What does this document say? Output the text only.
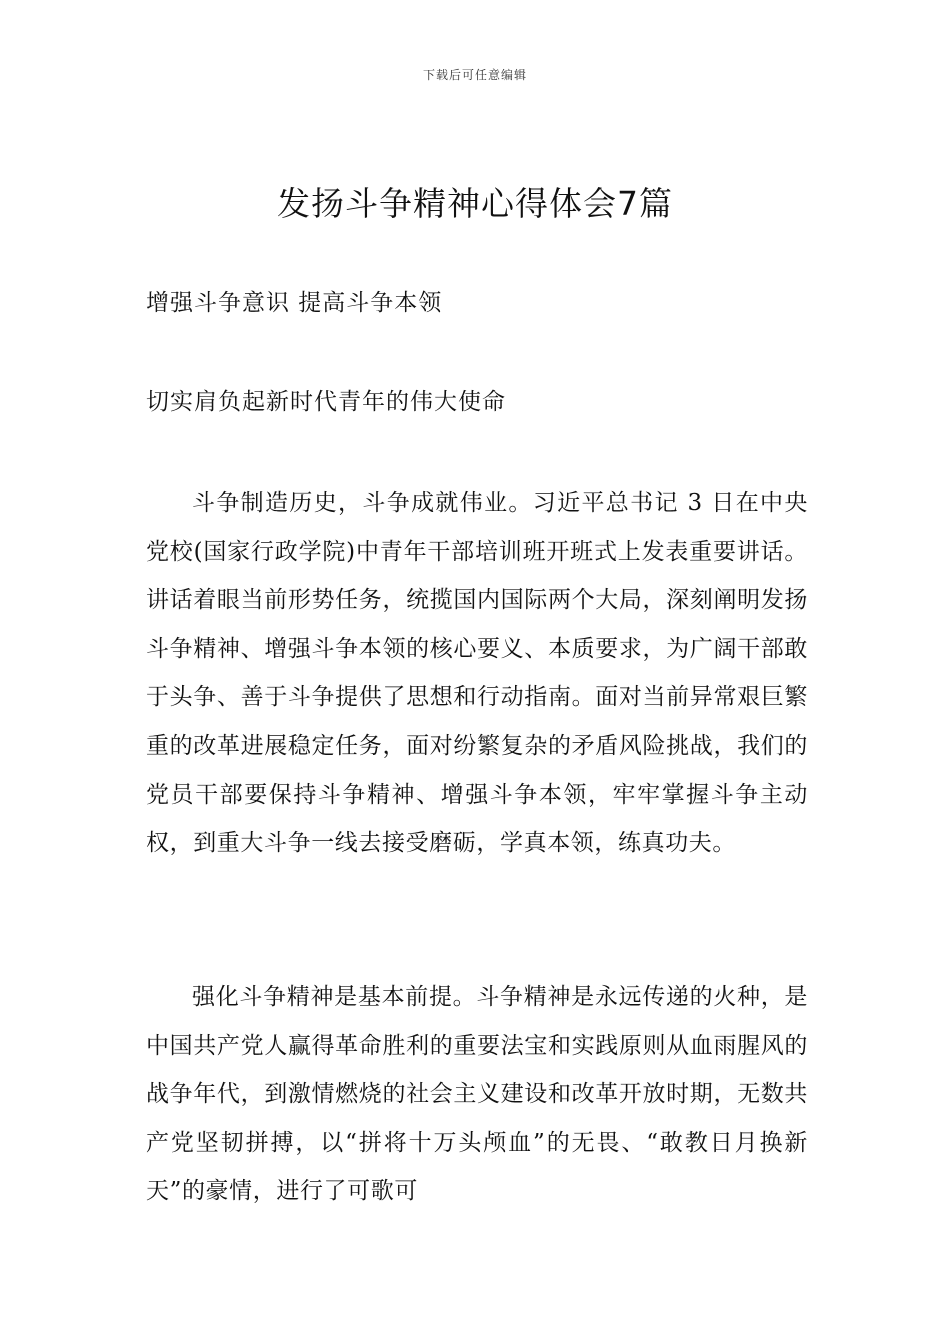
下载后可任意编辑
发扬斗争精神心得体会7篇
增强斗争意识 提高斗争本领
切实肩负起新时代青年的伟大使命

斗争制造历史，斗争成就伟业。习近平总书记 3 日在中央党校(国家行政学院)中青年干部培训班开班式上发表重要讲话。讲话着眼当前形势任务，统揽国内国际两个大局，深刻阐明发扬斗争精神、增强斗争本领的核心要义、本质要求，为广阔干部敢于头争、善于斗争提供了思想和行动指南。面对当前异常艰巨繁重的改革进展稳定任务，面对纷繁复杂的矛盾风险挑战，我们的党员干部要保持斗争精神、增强斗争本领，牢牢掌握斗争主动权，到重大斗争一线去接受磨砺，学真本领，练真功夫。

强化斗争精神是基本前提。斗争精神是永远传递的火种，是中国共产党人赢得革命胜利的重要法宝和实践原则从血雨腥风的战争年代，到激情燃烧的社会主义建设和改革开放时期，无数共产党坚韧拼搏，以“拼将十万头颅血”的无畏、“敢教日月换新天”的豪情，进行了可歌可
